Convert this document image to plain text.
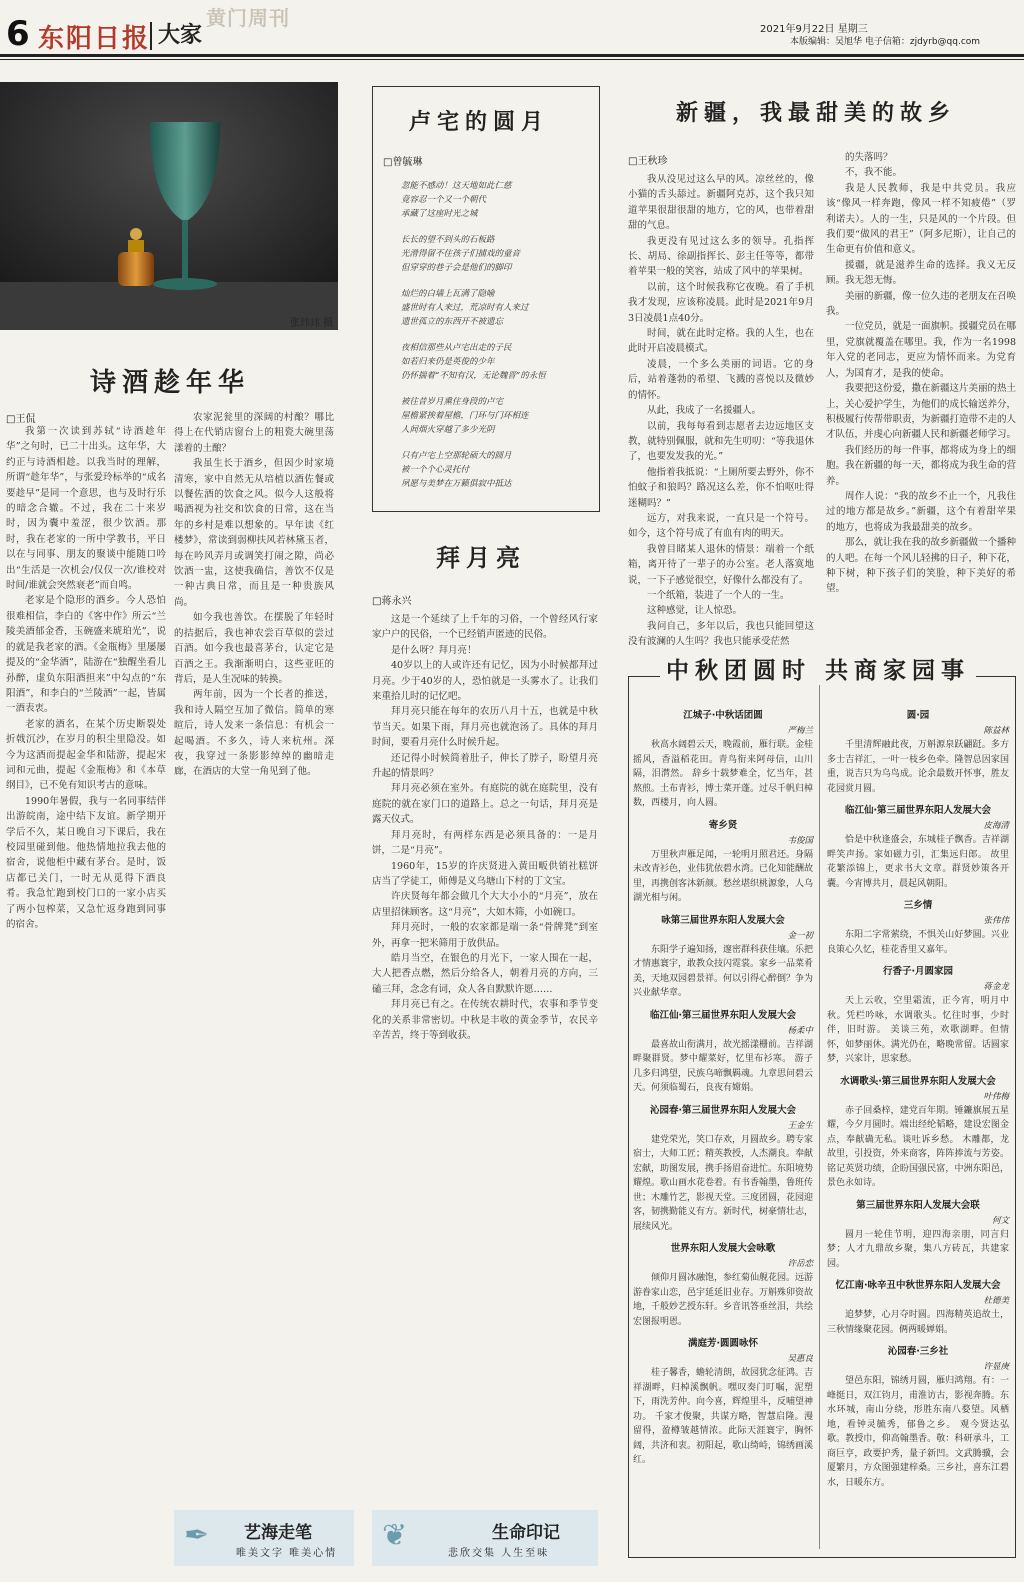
6 东阳日报 大家
黄门周刊	2021年9月22日 星期三
本版编辑：吴旭华 电子信箱：zjdyrb@qq.com
张玮玮 摄
诗酒趁年华
□王侃

我第一次读到苏轼“诗酒趁年华”之句时，已二十出头。这年华，大约正与诗酒相趁。以我当时的理解，所谓“趁年华”，与张爱玲标举的“成名要趁早”是同一个意思，也与及时行乐的暗念合辙。不过，我在二十来岁时，因为囊中羞涩，很少饮酒。那时，我在老家的一所中学教书，平日以在与同事、朋友的聚谈中能随口吟出“生活是一次机会/仅仅一次/谁校对时间/谁就会突然衰老”而自鸣。

老家是个隐形的酒乡。今人恐怕很难相信，李白的《客中作》所云“兰陵美酒郁金香，玉碗盛来琥珀光”，说的就是我老家的酒。《金瓶梅》里屡屡提及的“金华酒”，陆游在“独醒坐看儿孙醉，虚负东阳酒担来”中勾点的“东阳酒”，和李白的“兰陵酒”一起，皆属一酒表衷。

老家的酒名，在某个历史断裂处折戟沉沙，在岁月的积尘里隐没。如今为这酒而提起金华和陆游，提起宋词和元曲，提起《金瓶梅》和《本草纲目》，已不免有知识考古的意味。

1990年暑假，我与一名同事结伴出游皖南，途中结下友谊。新学期开学后不久，某日晚自习下课后，我在校园里碰到他。他热情地拉我去他的宿舍，说他柜中藏有茅台。是时，饭店都已关门，一时无从觅得下酒良肴。我急忙跑到校门口的一家小店买了两小包榨菜，又急忙返身跑到同事的宿舍。

农家泥瓮里的深阔的村酿？哪比得上在代销店窗台上的粗瓷大碗里荡漾着的土酿？

我虽生长于酒乡，但因少时家境清寒，家中自然无从培植以酒佐餐或以餐佐酒的饮食之风。似今人这般将喝酒视为社交和饮食的日常，这在当年的乡村是难以想象的。早年读《红楼梦》，常读到弱柳扶风若林黛玉者，每在吟风弄月或调笑打闹之隙，尚必饮酒一盅，这使我确信，善饮不仅是一种古典日常，而且是一种贵族风尚。

如今我也善饮。在摆脱了年轻时的拮据后，我也神农尝百草似的尝过百酒。如今我也最喜茅台，认定它是百酒之王。我渐渐明白，这些亚旺的背后，是人生况味的转换。

两年前，因为一个长者的推送，我和诗人隔空互加了微信。简单的寒暄后，诗人发来一条信息：有机会一起喝酒。不多久，诗人来杭州。深夜，我穿过一条影影绰绰的幽暗走廊，在酒店的大堂一角见到了他。

卢宅的圆月
□曾毓琳

忽能不感动！这天地如此仁慈

竟容忍一个又一个朝代

承藏了这座时光之城

长长的望不到头的石板路

光滑得留不住孩子们捕戏的童音

但穿穿的巷子会是他们的脚印

灿烂的白墙上瓦满了隐喻

盛世时有人来过，荒凉时有人来过

遗世孤立的东西开不被遗忘

夜相信那些从卢宅出走的子民

如若归来仍是英俊的少年

仍怀揣着“不知有汉，无论魏晋”的永恒

被往昔岁月熏住身段的卢宅

屋檐紧挨着屋檐，门环与门环相连

人间烟火穿越了多少光阴

只有卢宅上空那轮硕大的圆月

被一个个心灵托付

夙愿与美梦在万籁俱寂中抵达

拜月亮
□蒋永兴

这是一个延续了上千年的习俗，一个曾经风行家家户户的民俗，一个已经销声匿迹的民俗。

是什么呀？拜月亮！

40岁以上的人或许还有记忆，因为小时候都拜过月亮。少于40岁的人，恐怕就是一头雾水了。让我们来重拾儿时的记忆吧。

拜月亮只能在每年的农历八月十五，也就是中秋节当天。如果下雨，拜月亮也就泡汤了。具体的拜月时间，要看月亮什么时候升起。

还记得小时候简着肚子，伸长了脖子，盼望月亮升起的情景吗？

拜月亮必须在室外。有庭院的就在庭院里，没有庭院的就在家门口的道路上。总之一句话，拜月亮是露天仪式。

拜月亮时，有两样东西是必须具备的：一是月饼，二是“月亮”。

1960年，15岁的许庆贤进入黄田畈供销社糕饼店当了学徒工，师傅是义乌塘山下村的丁文宝。

许庆贤每年都会做几个大大小小的“月亮”，放在店里招徕顾客。这“月亮”，大如木筛，小如碗口。

拜月亮时，一般的农家都是端一条“骨牌凳”到室外，再拿一把米筛用于放供品。

皓月当空，在银色的月光下，一家人围在一起，大人把香点燃，然后分给各人，朝着月亮的方向，三磕三拜，念念有词，众人各自默默许愿……

拜月亮已有之。在传统农耕时代，农事和季节变化的关系非常密切。中秋是丰收的黄金季节，农民辛辛苦苦，终于等到收获。

新疆，我最甜美的故乡
□王秋珍

我从没见过这么早的风。凉丝丝的，像小猫的舌头舔过。新疆阿克苏，这个我只知道苹果很甜很甜的地方，它的风，也带着甜甜的气息。

我更没有见过这么多的领导。孔指挥长、胡局、徐副指挥长、彭主任等等，都带着苹果一般的笑容，站成了风中的苹果树。

以前，这个时候我称它夜晚。看了手机我才发现，应该称凌晨。此时是2021年9月3日凌晨1点40分。

时间，就在此时定格。我的人生，也在此时开启凌晨模式。

凌晨，一个多么美丽的词语。它的身后，站着蓬勃的希望、飞溅的喜悦以及微妙的情怀。

从此，我成了一名援疆人。

以前，我每每看到志愿者去边远地区支教，就特别佩服，就和先生叨叨：“等我退休了，也要发发我的光。”

他指着我抵说：“上厕所要去野外，你不怕蚊子和狼吗？路况这么差，你不怕呕吐得迷糊吗？”

远方，对我来说，一直只是一个符号。如今，这个符号成了有血有肉的明天。

我曾目睹某人退休的情景：端着一个纸箱，离开待了一辈子的办公室。老人落寞地说，一下子感觉很空，好像什么都没有了。

一个纸箱，装进了一个人的一生。

这种感觉，让人惊恐。

我问自己，多年以后，我也只能回望这没有波澜的人生吗？我也只能承受茫然

的失落吗？

不，我不能。

我是人民教师，我是中共党员。我应该“像风一样奔跑，像风一样不知疲倦”（罗利诺夫）。人的一生，只是风的一个片段。但我们要“做风的君王”（阿多尼斯），让自己的生命更有价值和意义。

援疆，就是滋养生命的选择。我义无反顾。我无怨无悔。

美丽的新疆，像一位久违的老朋友在召唤我。

一位党员，就是一面旗帜。援疆党员在哪里，党旗就覆盖在哪里。我，作为一名1998年入党的老同志，更应为情怀而来。为党育人，为国育才，是我的使命。

我要把这份爱，撒在新疆这片美丽的热土上，关心爱护学生，为他们的成长输送养分，积极履行传帮带职责，为新疆打造带不走的人才队伍，并虔心向新疆人民和新疆老师学习。

我们经历的每一件事，都将成为身上的细胞。我在新疆的每一天，都将成为我生命的营养。

周作人说：“我的故乡不止一个，凡我住过的地方都是故乡。”新疆，这个有着甜苹果的地方，也将成为我最甜美的故乡。

那么，就让我在我的故乡新疆做一个播种的人吧。在每一个风儿轻拂的日子，种下花，种下树，种下孩子们的笑脸，种下美好的希望。

江城子·中秋话团圆
严梅兰
秋高水阔碧云天，晚霞前，雁行联。金桂摇风，香溢稻花田。青鸟衔来阿母信，山川隔，泪潸然。 辞乡十载梦难全，忆当年，甚熬煎。土布青衫，博士菜开蓬。过尽千帆归棹数，西楼月，向人圆。
寄乡贤
韦俊国
万里秋声雁足闻，一轮明月照君还。身隔未改青衫色，业伟犹依碧水湾。已化知能酬故里，再携创客沐新颜。愁丝堪织桃源象，人乌湖光相与闲。
咏第三届世界东阳人发展大会
金一初
东阳学子遍知扬，邃密群科获佳壤。乐把才情惠寰宇，敢教众技闪霓裳。家乡一品菜肴美，天地双园碧景祥。何以引得心醉倒？争为兴业献华章。
临江仙·第三届世界东阳人发展大会
杨柔中
最喜故山衔满月，故光摇漾栅前。吉祥湖畔聚群贤。梦中耀菜好，忆里布衫寒。 游子几多归鸿望，民族乌啼飘羁魂。九章思问碧云天。何须临蜀石，良夜有嫦娟。
沁园春·第三届世界东阳人发展大会
王金生
建党荣光，笑口存欢，月圆故乡。聘专家宿士，大师工匠；精英教授，人杰潮良。奉献宏献，助图发展，携手扬眉奋进忙。东阳境势耀煌。歌山画水花卷着。有书香翰墨，鲁班传世；木雕竹艺，影视天堂。三度团圆，花园迎客，韧携勤能义有方。新时代，树豪情壮志，展续风光。
世界东阳人发展大会咏歌
许岳恋
倾仰月圆冰融饱，参红菊仙舰花园。远游游眷家山恋，邑宇延延旧业存。万斛殊卯资故地，千般妙艺授东轩。乡音讯答垂丝泪，共绘宏图报明恩。
满庭芳·圆圆咏怀
吴惠良
桂子馨香，蟾轮清朗，故园犹念征鸿。吉祥湖畔，归棹溪飘帆。嘿叹奏门叮嘱，泥塑下，雨洗芳仲。向今喜，辉煌里斗，反哺望神功。 千家才俊聚，共谋方略，智慧启隆。漫留得，盈樽皱越情浓。此际天涯寰宇，胸怀阔，共济和衷。初阳起，歌山绮峙，锦绣画溪红。
圆·园
陈益林
千里清辉融此夜，万斛源泉跃翩跹。多方多士吉祥汇，一叶一枝乡色牵。隆智总因家国重，说吉只为乌鸟成。论余最数开怀事，胜友花园赏月圆。
临江仙·第三届世界东阳人发展大会
皮海清
恰是中秋逢盛会，东城桂子飘香。吉祥湖畔笑声扬。家如磁力引，汇集远归郎。 故里花繁添锦上，更求书大文章。群贤妙策各开囊。今宵博共月，晨起风朝阳。
三乡情
张伟伟
东阳二字常萦绕，不惧关山好梦圆。兴业良策心久忆，桂花香里又嘉年。
行香子·月圆家园
蒋金龙
天上云收，空里霜流，正今宵，明月中秋。凭栏吟咏，水调歌头。忆往时事，少时伴，旧时游。 美谈三苑，欢歌湖畔。但情怀，如梦丽休。满光仍在，略晚常留。话圆家梦，兴家计，思家愁。
水调歌头·第三届世界东阳人发展大会
叶伟梅
赤子回桑梓，建党百年期。锤鐮旗展五星耀，今夕月圆时。端出经纶韬略，建设宏图金点，奉献确无私。谈吐诉乡愁。 木雕都，龙故里，引投资，外来商客，阵阵捧流与芳姿。铭记英贤功绩，企盼国强民富，中洲东阳邑，景色永如诗。
第三届世界东阳人发展大会联
何文
圆月一轮佳节明，迎四海亲朋，同言归梦；人才九鼎故乡聚，集八方砖瓦，共建家园。
忆江南·咏辛丑中秋世界东阳人发展大会
杜德美
追梦梦，心月夺时圆。四海精英追故土，三秋情缘聚花园。俩两暖婵娟。
沁园春·三乡社
许显庚
望邑东阳，锦绣月圆，雁归鸿翔。有：一峰挺日，双江钧月，甫淮访古，影视奔腾。东水环城，南山分绕，形胜东南八婺望。风栖地，看钟灵毓秀，郁鲁之乡。 观今贤达弘歌。教授巾，仰高翰墨香。敬：科研承斗，工商巨亨，政要护秀，量子新凹。文武腾骥，会厦繁月，方众图强建梓桑。三乡社，喜东江碧水，日暖东方。
中秋团圆时 共商家园事
✒ 艺海走笔
唯美文字 唯美心情
❦	生命印记
悲欣交集 人生至味
